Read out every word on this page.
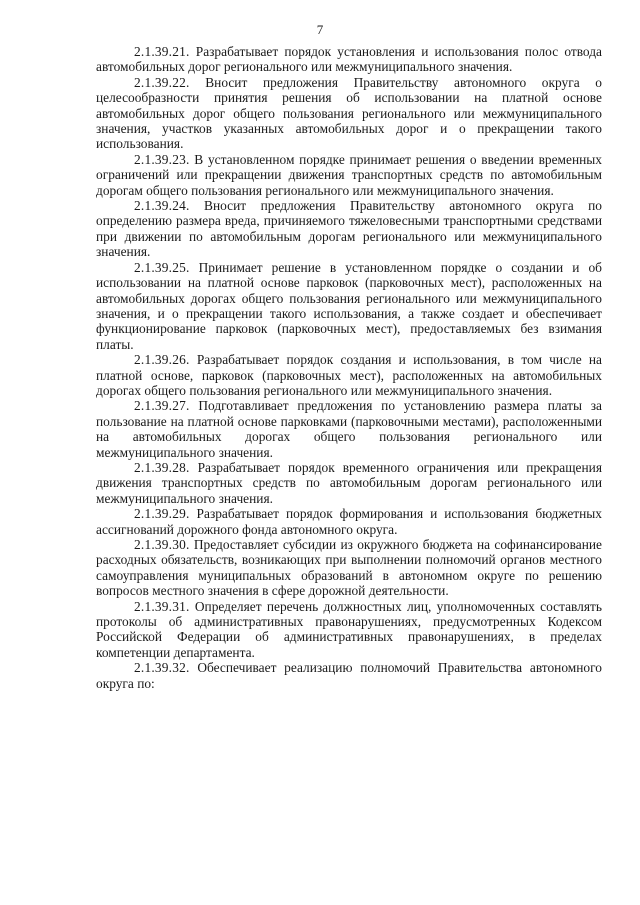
7

2.1.39.21. Разрабатывает порядок установления и использования полос отвода автомобильных дорог регионального или межмуниципального значения.

2.1.39.22. Вносит предложения Правительству автономного округа о целесообразности принятия решения об использовании на платной основе автомобильных дорог общего пользования регионального или межмуниципального значения, участков указанных автомобильных дорог и о прекращении такого использования.

2.1.39.23. В установленном порядке принимает решения о введении временных ограничений или прекращении движения транспортных средств по автомобильным дорогам общего пользования регионального или межмуниципального значения.

2.1.39.24. Вносит предложения Правительству автономного округа по определению размера вреда, причиняемого тяжеловесными транспортными средствами при движении по автомобильным дорогам регионального или межмуниципального значения.

2.1.39.25. Принимает решение в установленном порядке о создании и об использовании на платной основе парковок (парковочных мест), расположенных на автомобильных дорогах общего пользования регионального или межмуниципального значения, и о прекращении такого использования, а также создает и обеспечивает функционирование парковок (парковочных мест), предоставляемых без взимания платы.

2.1.39.26. Разрабатывает порядок создания и использования, в том числе на платной основе, парковок (парковочных мест), расположенных на автомобильных дорогах общего пользования регионального или межмуниципального значения.

2.1.39.27. Подготавливает предложения по установлению размера платы за пользование на платной основе парковками (парковочными местами), расположенными на автомобильных дорогах общего пользования регионального или межмуниципального значения.

2.1.39.28. Разрабатывает порядок временного ограничения или прекращения движения транспортных средств по автомобильным дорогам регионального или межмуниципального значения.

2.1.39.29. Разрабатывает порядок формирования и использования бюджетных ассигнований дорожного фонда автономного округа.

2.1.39.30. Предоставляет субсидии из окружного бюджета на софинансирование расходных обязательств, возникающих при выполнении полномочий органов местного самоуправления муниципальных образований в автономном округе по решению вопросов местного значения в сфере дорожной деятельности.

2.1.39.31. Определяет перечень должностных лиц, уполномоченных составлять протоколы об административных правонарушениях, предусмотренных Кодексом Российской Федерации об административных правонарушениях, в пределах компетенции департамента.

2.1.39.32. Обеспечивает реализацию полномочий Правительства автономного округа по:
